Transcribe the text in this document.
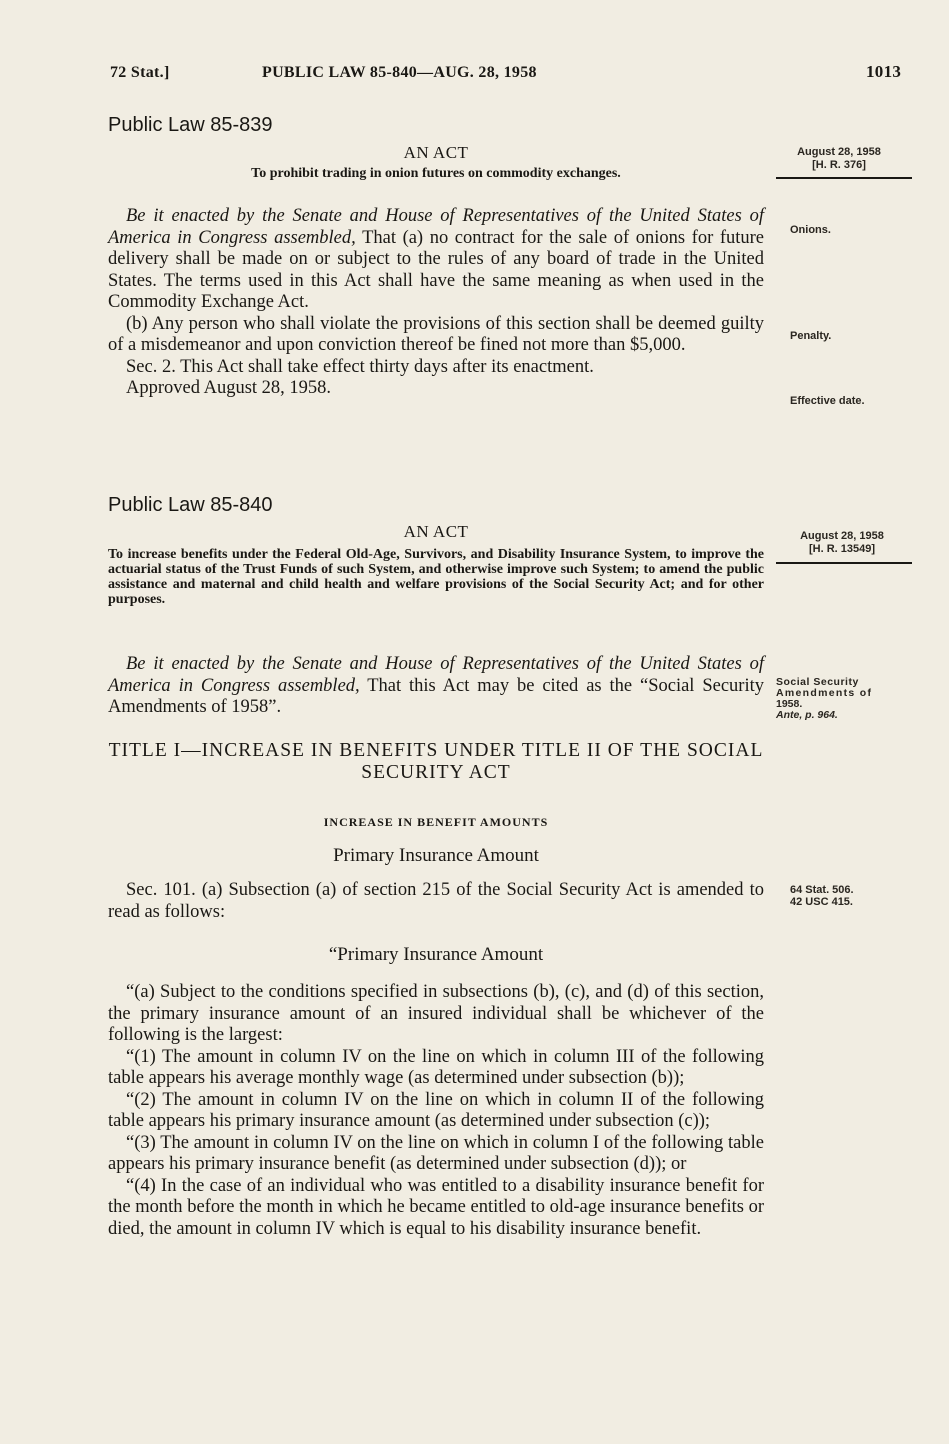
72 Stat.]	PUBLIC LAW 85-840—AUG. 28, 1958	1013
Public Law 85-839
AN ACT
To prohibit trading in onion futures on commodity exchanges.
August 28, 1958
[H. R. 376]

Be it enacted by the Senate and House of Representatives of the United States of America in Congress assembled, That (a) no contract for the sale of onions for future delivery shall be made on or subject to the rules of any board of trade in the United States. The terms used in this Act shall have the same meaning as when used in the Commodity Exchange Act.

(b) Any person who shall violate the provisions of this section shall be deemed guilty of a misdemeanor and upon conviction thereof be fined not more than $5,000.

Sec. 2. This Act shall take effect thirty days after its enactment.

Approved August 28, 1958.

Onions.
Penalty.
Effective date.
Public Law 85-840
AN ACT
To increase benefits under the Federal Old-Age, Survivors, and Disability Insurance System, to improve the actuarial status of the Trust Funds of such System, and otherwise improve such System; to amend the public assistance and maternal and child health and welfare provisions of the Social Security Act; and for other purposes.
August 28, 1958
[H. R. 13549]

Be it enacted by the Senate and House of Representatives of the United States of America in Congress assembled, That this Act may be cited as the “Social Security Amendments of 1958”.

Social Security
Amendments of
1958.
Ante, p. 964.
TITLE I—INCREASE IN BENEFITS UNDER TITLE II OF THE SOCIAL SECURITY ACT
INCREASE IN BENEFIT AMOUNTS
Primary Insurance Amount

Sec. 101. (a) Subsection (a) of section 215 of the Social Security Act is amended to read as follows:

64 Stat. 506.
42 USC 415.
“Primary Insurance Amount

“(a) Subject to the conditions specified in subsections (b), (c), and (d) of this section, the primary insurance amount of an insured individual shall be whichever of the following is the largest:

“(1) The amount in column IV on the line on which in column III of the following table appears his average monthly wage (as determined under subsection (b));

“(2) The amount in column IV on the line on which in column II of the following table appears his primary insurance amount (as determined under subsection (c));

“(3) The amount in column IV on the line on which in column I of the following table appears his primary insurance benefit (as determined under subsection (d)); or

“(4) In the case of an individual who was entitled to a disability insurance benefit for the month before the month in which he became entitled to old-age insurance benefits or died, the amount in column IV which is equal to his disability insurance benefit.
